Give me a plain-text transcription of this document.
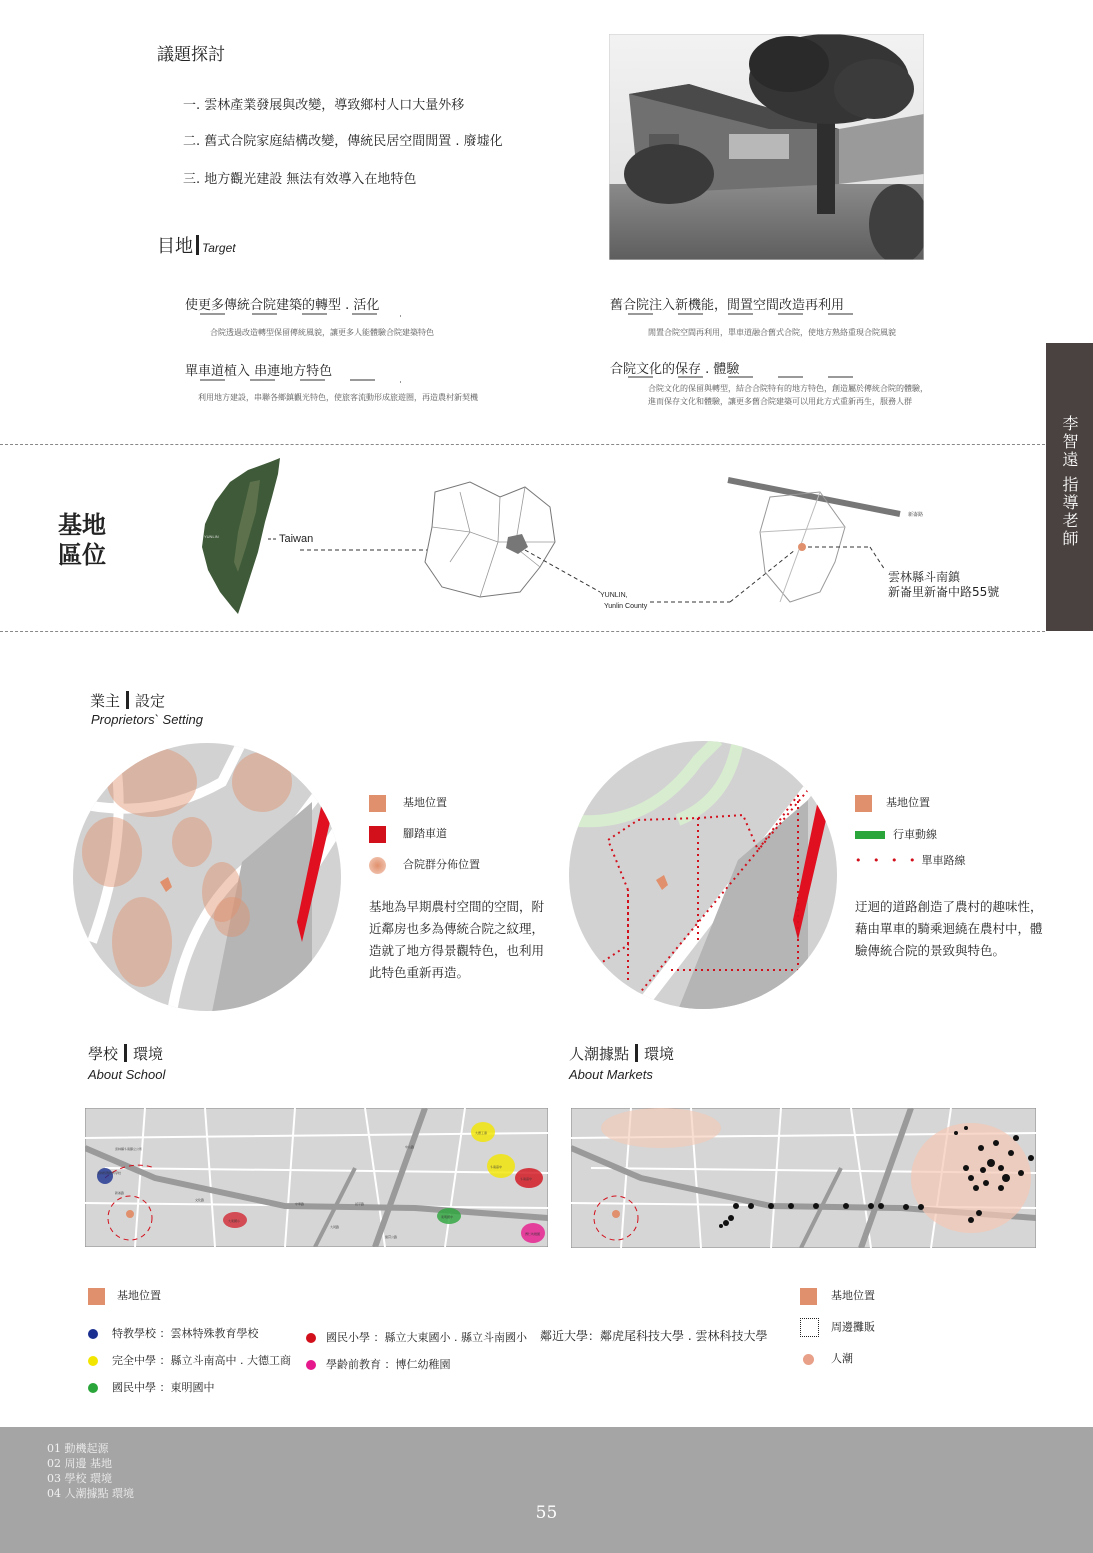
議題探討
一. 雲林產業發展與改變，導致鄉村人口大量外移
二. 舊式合院家庭結構改變，傳統民居空間閒置 . 廢墟化
三. 地方觀光建設 無法有效導入在地特色
目地 Target
使更多傳統合院建築的轉型 . 活化
合院透過改造轉型保留傳統風貌，讓更多人能體驗合院建築特色
單車道植入 串連地方特色
利用地方建設，串聯各鄉鎮觀光特色，使旅客流動形成旅遊圈，再造農村新契機
舊合院注入新機能，閒置空間改造再利用
閒置合院空間再利用，單車道融合舊式合院，使地方熟絡重現合院風貌
合院文化的保存 . 體驗
合院文化的保留與轉型，結合合院特有的地方特色，創造屬於傳統合院的體驗，
進而保存文化和體驗，讓更多舊合院建築可以用此方式重新再生，服務人群
李智遠 指導老師
基地
區位
YUNLIN	Taiwan
YUNLIN,
Yunlin County
新崙路
雲林縣斗南鎮
新崙里新崙中路55號
業主 設定
Proprietors` Setting
基地位置
腳踏車道
合院群分佈位置
基地為早期農村空間的空間，附
近鄰房也多為傳統合院之紋理，
造就了地方得景觀特色，也利用
此特色重新再造。
基地位置
行車動線
• • • • 單車路線
迂迴的道路創造了農村的趣味性，
藉由單車的騎乘迴繞在農村中，體
驗傳統合院的景致與特色。
學校 環境
About School
大德工商
斗南高中
斗南高中
東明國中
大東國小
博仁幼稚園
雲林特殊教育學校
新崙路
文化路
中華路	延平路
大同路
中山路
縱貫公路
雲林縣斗南鎮立公所
基地位置
特教學校 ：雲林特殊教育學校
完全中學 ：縣立斗南高中 . 大德工商
國民中學 ：東明國中
國民小學 ：縣立大東國小 . 縣立斗南國小
學齡前教育 ：博仁幼稚園
鄰近大學：鄰虎尾科技大學 . 雲林科技大學
人潮據點 環境
About Markets
基地位置
周邊攤販
人潮
01 動機起源
02 周邊 基地
03 學校 環境
04 人潮據點 環境
55
